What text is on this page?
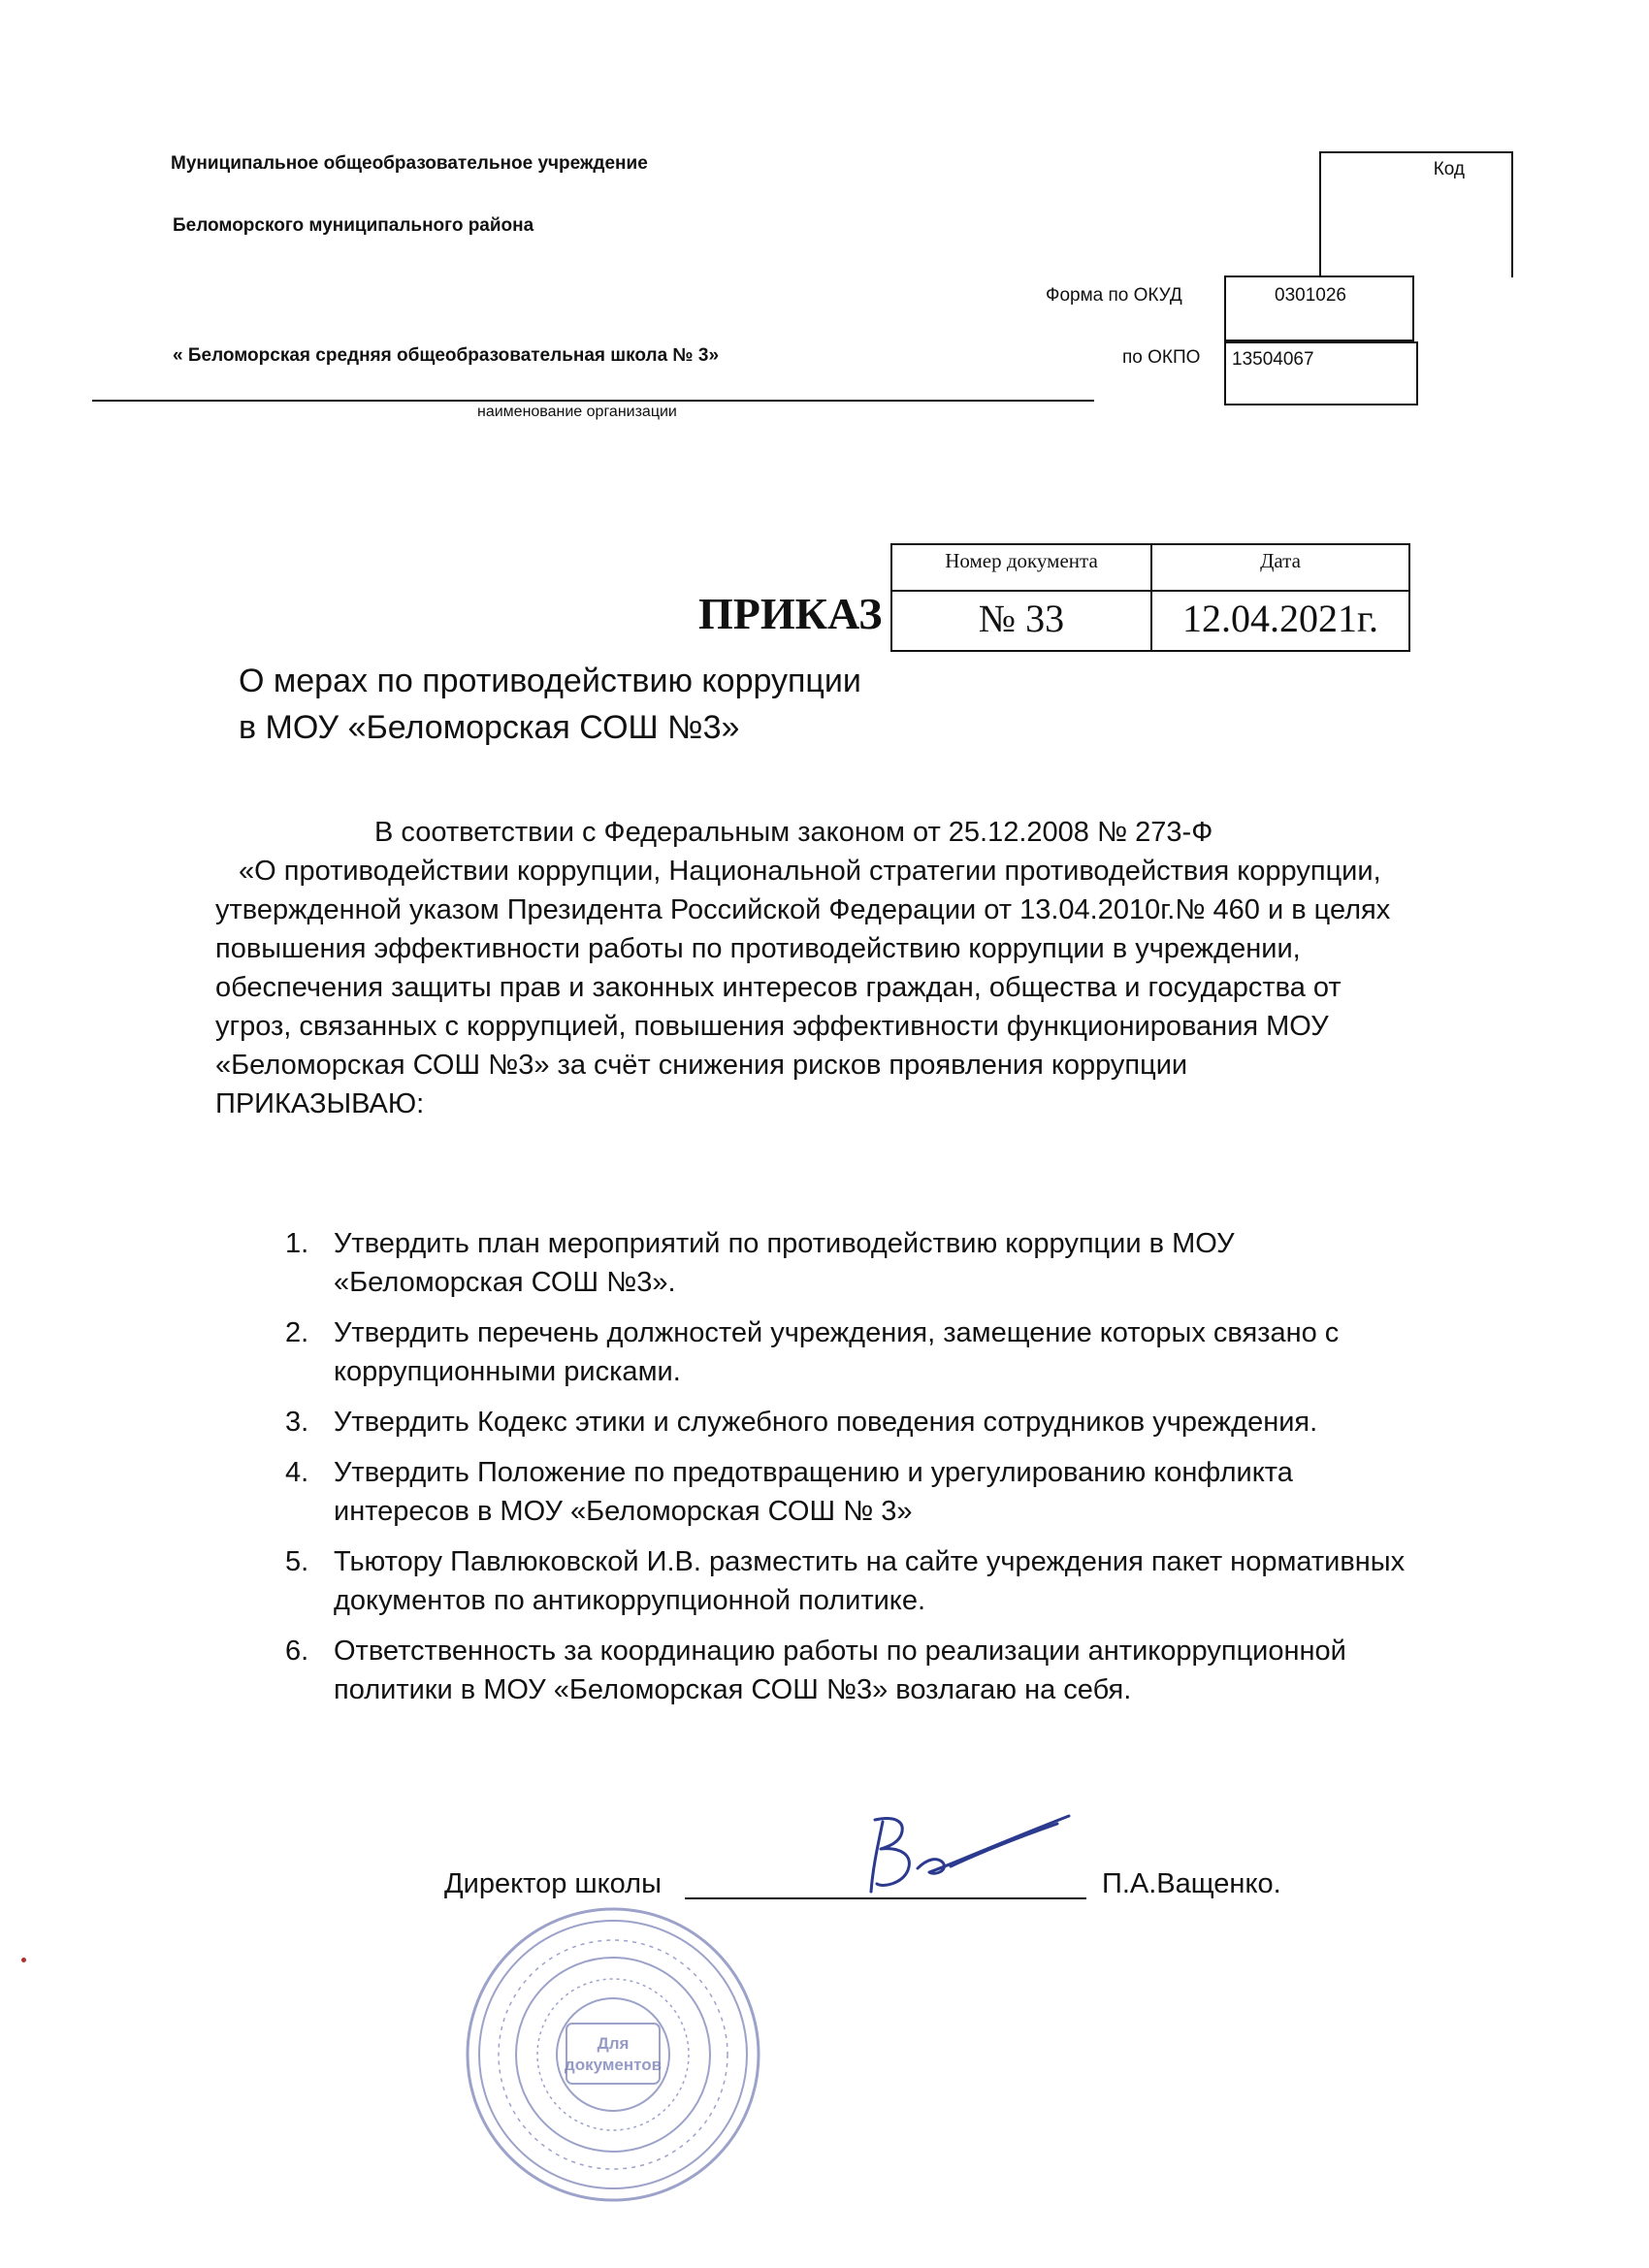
Муниципальное общеобразовательное учреждение
Беломорского муниципального района
« Беломорская средняя общеобразовательная школа № 3»
наименование организации
Код
Форма по ОКУД	0301026
по ОКПО	13504067
ПРИКАЗ
Номер документа	Дата
№ 33	12.04.2021г.
О мерах по противодействию коррупции
в МОУ «Беломорская СОШ №3»
В соответствии с Федеральным законом от 25.12.2008 № 273-Ф
«О противодействии коррупции, Национальной стратегии противодействия коррупции,
утвержденной указом Президента Российской Федерации от 13.04.2010г.№ 460 и в целях
повышения эффективности работы по противодействию коррупции в учреждении,
обеспечения защиты прав и законных интересов граждан, общества и государства от
угроз, связанных с коррупцией, повышения эффективности функционирования МОУ
«Беломорская СОШ №3» за счёт снижения рисков проявления коррупции
ПРИКАЗЫВАЮ:
1. Утвердить план мероприятий по противодействию коррупции в МОУ
«Беломорская СОШ №3».
2. Утвердить перечень должностей учреждения, замещение которых связано с
коррупционными рисками.
3. Утвердить Кодекс этики и служебного поведения сотрудников учреждения.
4. Утвердить Положение по предотвращению и урегулированию конфликта
интересов в МОУ «Беломорская СОШ № 3»
5. Тьютору Павлюковской И.В. разместить на сайте учреждения пакет нормативных
документов по антикоррупционной политике.
6. Ответственность за координацию работы по реализации антикоррупционной
политики в МОУ «Беломорская СОШ №3» возлагаю на себя.
Директор школы	П.А.Ващенко.
Для
документов
